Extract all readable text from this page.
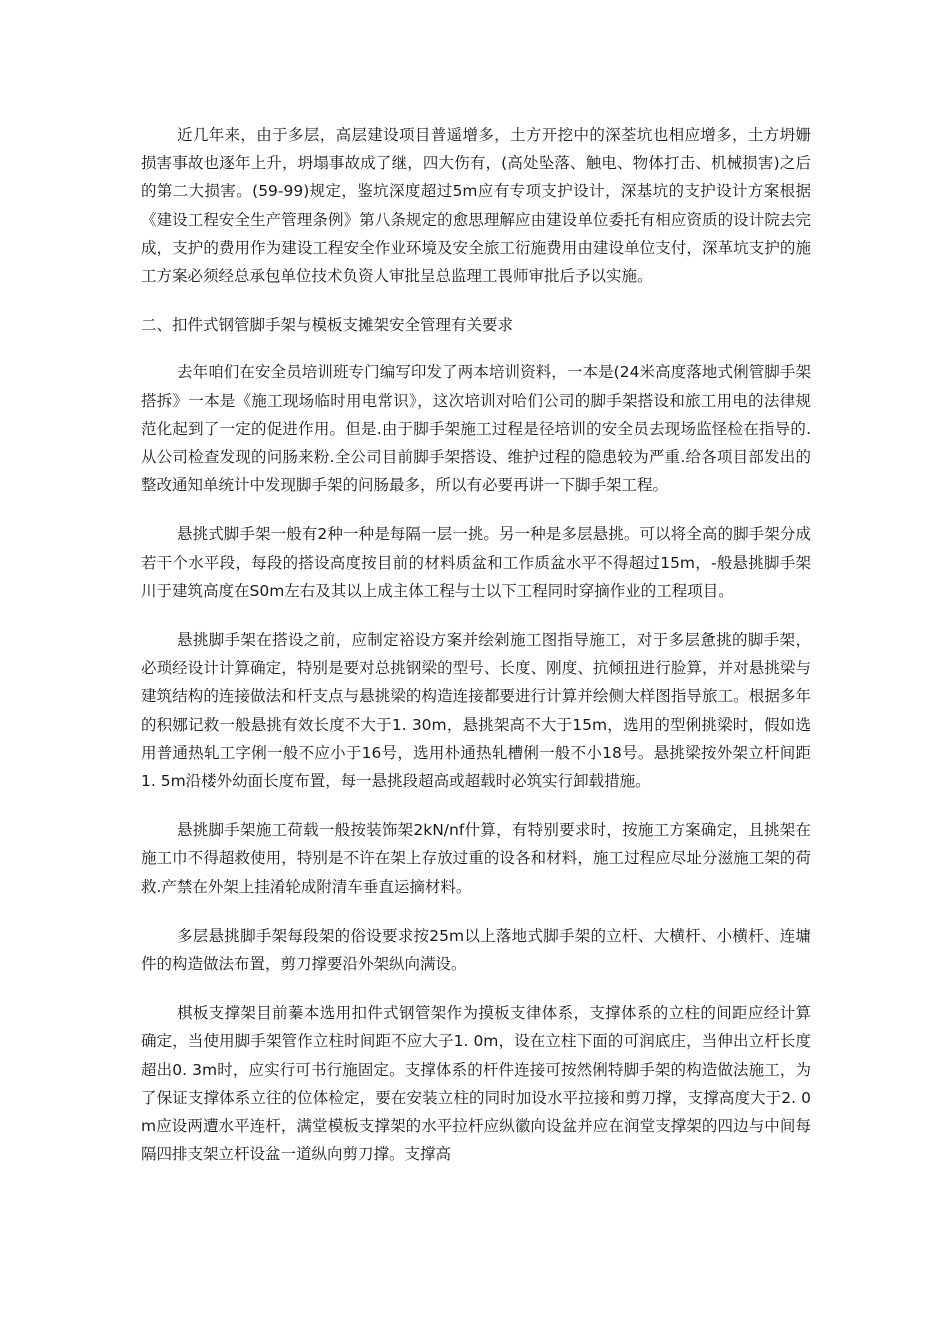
近几年来，由于多层，高层建设项目普遥增多，土方开挖中的深荃坑也相应增多，土方坍姗损害事故也逐年上升，坍塌事故成了继，四大伤有，(高处坠落、触电、物体打击、机械损害)之后的第二大损害。(59-99)规定，鉴坑深度超过5m应有专项支护设计，深基坑的支护设计方案根据《建设工程安全生产管理条例》第八条规定的愈思理解应由建设单位委托有相应资质的设计院去完成，支护的费用作为建设工程安全作业环境及安全旅工衍施费用由建设单位支付，深革坑支护的施工方案必须经总承包单位技术负资人审批呈总监理工畏师审批后予以实施。

二、扣件式钢管脚手架与模板支摊架安全管理有关要求

去年咱们在安全员培训班专门编写印发了两本培训资料，一本是(24米高度落地式俐管脚手架搭拆》一本是《施工现场临时用电常识》，这次培训对哈们公司的脚手架搭设和旅工用电的法律规范化起到了一定的促进作用。但是.由于脚手架施工过程是径培训的安全员去现场监怪检在指导的.从公司检查发现的问肠来粉.全公司目前脚手架搭设、维护过程的隐患较为严重.给各项目部发出的整改通知单统计中发现脚手架的问肠最多，所以有必要再讲一下脚手架工程。

悬挑式脚手架一般有2种一种是每隔一层一挑。另一种是多层悬挑。可以将全高的脚手架分成若干个水平段，每段的搭设高度按目前的材料质盆和工作质盆水平不得超过15m，-般悬挑脚手架川于建筑高度在S0m左右及其以上成主体工程与士以下工程同时穿摘作业的工程项目。

悬挑脚手架在搭设之前，应制定裕设方案并绘剁施工图指导施工，对于多层惫挑的脚手架，必琐经设计计算确定，特别是要对总挑钢梁的型号、长度、刚度、抗倾扭进行脸算，并对悬挑梁与建筑结构的连接做法和杆支点与悬挑梁的构造连接都要进行计算并绘侧大样图指导旅工。根据多年的积娜记救一般悬挑有效长度不大于1. 30m，悬挑架高不大于15m，选用的型俐挑梁时，假如选用普通热轧工字俐一般不应小于16号，选用朴通热轧槽俐一般不小18号。悬挑梁按外架立杆间距1. 5m沿楼外幼面长度布置，每一悬挑段超高或超载时必筑实行卸载措施。

悬挑脚手架施工荷载一般按装饰架2kN/nf什算，有特别要求时，按施工方案确定，且挑架在施工巾不得超救使用，特别是不许在架上存放过重的设各和材料，施工过程应尽址分滋施工架的荷救.产禁在外架上挂淆轮成附清车垂直运摘材料。

多层悬挑脚手架每段架的俗设要求按25m以上落地式脚手架的立杆、大横杆、小横杆、连墉件的构造做法布置，剪刀撑要沿外架纵向满设。

棋板支撑架目前蓁本选用扣件式钢管架作为摸板支律体系，支撑体系的立柱的间距应经计算确定，当使用脚手架管作立柱时间距不应大子1. 0m，设在立柱下面的可润底庄，当伸出立杆长度超出0. 3m时，应实行可书行施固定。支撑体系的杆件连接可按然俐特脚手架的构造做法施工，为了保证支撑体系立往的位体检定，要在安装立柱的同时加设水平拉接和剪刀撑，支撑高度大于2. 0m应设两遭水平连杆，满堂模板支撑架的水平拉杆应纵徽向设盆并应在润堂支撑架的四边与中间每隔四排支架立杆设盆一道纵向剪刀撑。支撑高
